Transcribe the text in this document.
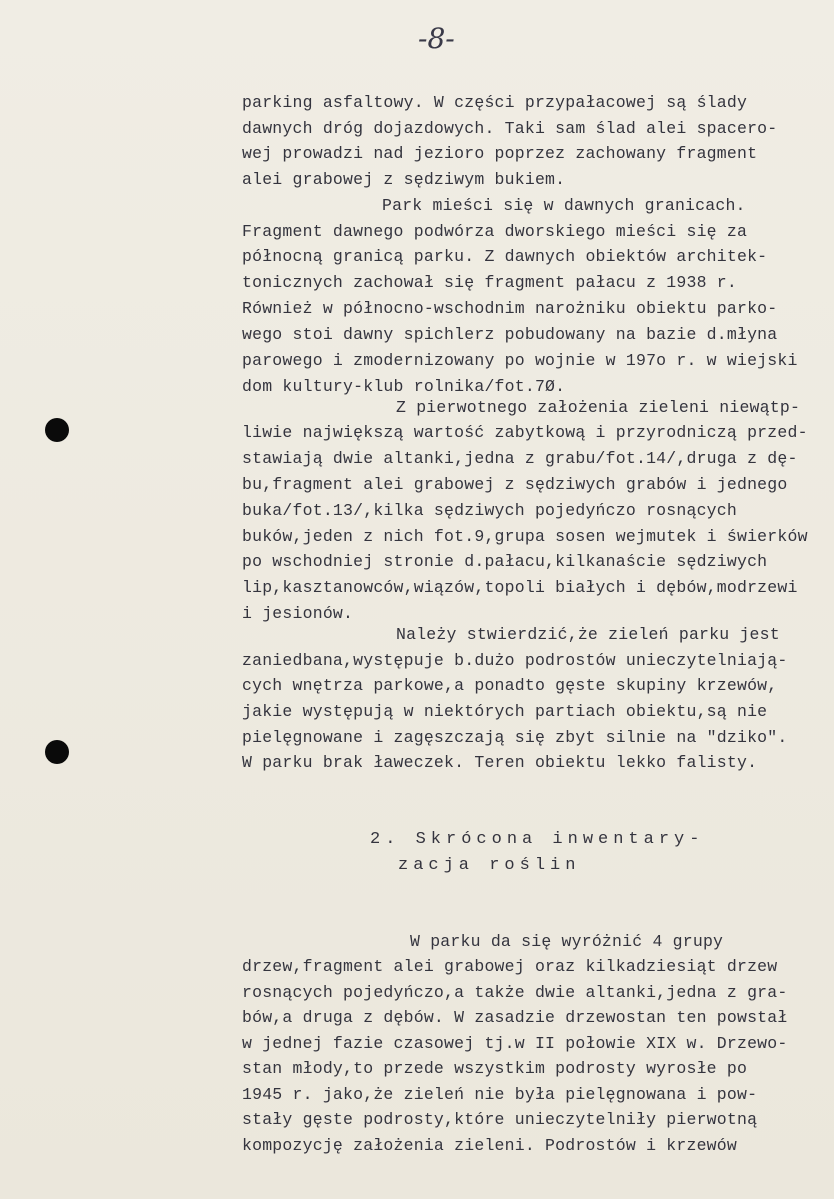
-8-
parking asfaltowy. W części przypałacowej są ślady
dawnych dróg dojazdowych. Taki sam ślad alei spacero-
wej prowadzi nad jezioro poprzez zachowany fragment
alei grabowej z sędziwym bukiem.
Park mieści się w dawnych granicach.
Fragment dawnego podwórza dworskiego mieści się za
północną granicą parku. Z dawnych obiektów architek-
tonicznych zachował się fragment pałacu z 1938 r.
Również w północno-wschodnim narożniku obiektu parko-
wego stoi dawny spichlerz pobudowany na bazie d.młyna
parowego i zmodernizowany po wojnie w 197o r. w wiejski
dom kultury-klub rolnika/fot.7Ø.
Z pierwotnego założenia zieleni niewątp-
liwie największą wartość zabytkową i przyrodniczą przed-
stawiają dwie altanki,jedna z grabu/fot.14/,druga z dę-
bu,fragment alei grabowej z sędziwych grabów i jednego
buka/fot.13/,kilka sędziwych pojedyńczo rosnących
buków,jeden z nich fot.9,grupa sosen wejmutek i świerków
po wschodniej stronie d.pałacu,kilkanaście sędziwych
lip,kasztanowców,wiązów,topoli białych i dębów,modrzewi
i jesionów.
Należy stwierdzić,że zieleń parku jest
zaniedbana,występuje b.dużo podrostów unieczytelniają-
cych wnętrza parkowe,a ponadto gęste skupiny krzewów,
jakie występują w niektórych partiach obiektu,są nie
pielęgnowane i zagęszczają się zbyt silnie na "dziko".
W parku brak ławeczek. Teren obiektu lekko falisty.
2. Skrócona inwentary-
zacja roślin
W parku da się wyróżnić 4 grupy
drzew,fragment alei grabowej oraz kilkadziesiąt drzew
rosnących pojedyńczo,a także dwie altanki,jedna z gra-
bów,a druga z dębów. W zasadzie drzewostan ten powstał
w jednej fazie czasowej tj.w II połowie XIX w. Drzewo-
stan młody,to przede wszystkim podrosty wyrosłe po
1945 r. jako,że zieleń nie była pielęgnowana i pow-
stały gęste podrosty,które unieczytelniły pierwotną
kompozycję założenia zieleni. Podrostów i krzewów
